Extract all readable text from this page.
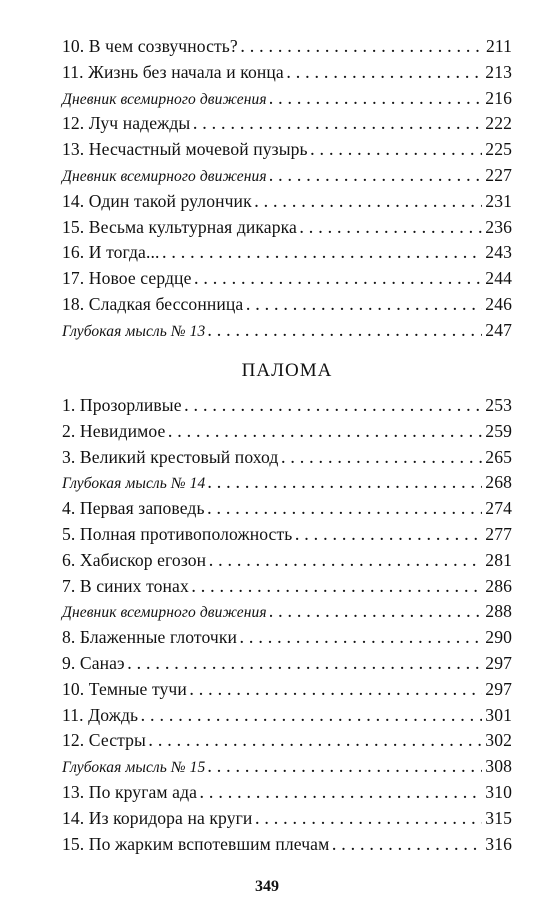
10. В чем созвучность? . . .	211
11. Жизнь без начала и конца . . .	213
Дневник всемирного движения . . .	216
12. Луч надежды . . .	222
13. Несчастный мочевой пузырь . . .	225
Дневник всемирного движения . . .	227
14. Один такой рулончик . . .	231
15. Весьма культурная дикарка . . .	236
16. И тогда... . . .	243
17. Новое сердце . . .	244
18. Сладкая бессонница . . .	246
Глубокая мысль № 13 . . .	247
ПАЛОМА
1. Прозорливые . . .	253
2. Невидимое . . .	259
3. Великий крестовый поход . . .	265
Глубокая мысль № 14 . . .	268
4. Первая заповедь . . .	274
5. Полная противоположность . . .	277
6. Хабискор егозон . . .	281
7. В синих тонах . . .	286
Дневник всемирного движения . . .	288
8. Блаженные глоточки . . .	290
9. Санаэ . . .	297
10. Темные тучи . . .	297
11. Дождь . . .	301
12. Сестры . . .	302
Глубокая мысль № 15 . . .	308
13. По кругам ада . . .	310
14. Из коридора на круги . . .	315
15. По жарким вспотевшим плечам . . .	316
349
